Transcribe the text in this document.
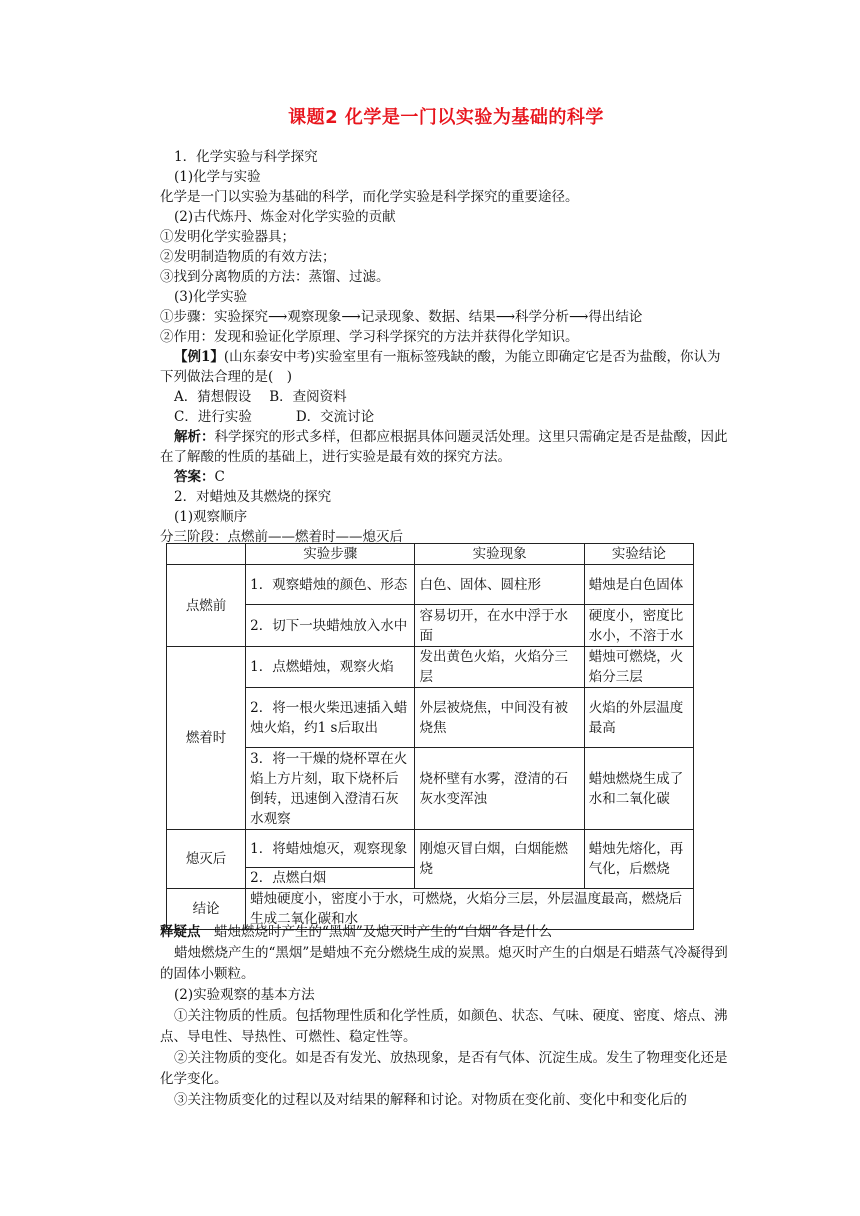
课题2 化学是一门以实验为基础的科学

1．化学实验与科学探究

(1)化学与实验

化学是一门以实验为基础的科学，而化学实验是科学探究的重要途径。

(2)古代炼丹、炼金对化学实验的贡献

①发明化学实验器具；

②发明制造物质的有效方法；

③找到分离物质的方法：蒸馏、过滤。

(3)化学实验

①步骤：实验探究⟶观察现象⟶记录现象、数据、结果⟶科学分析⟶得出结论

②作用：发现和验证化学原理、学习科学探究的方法并获得化学知识。

【例1】(山东泰安中考)实验室里有一瓶标签残缺的酸，为能立即确定它是否为盐酸，你认为下列做法合理的是(　)

A．猜想假设 B．查阅资料

C．进行实验	D．交流讨论

解析：科学探究的形式多样，但都应根据具体问题灵活处理。这里只需确定是否是盐酸，因此在了解酸的性质的基础上，进行实验是最有效的探究方法。

答案：C

2．对蜡烛及其燃烧的探究

(1)观察顺序

分三阶段：点燃前——燃着时——熄灭后

	实验步骤	实验现象	实验结论
点燃前	1．观察蜡烛的颜色、形态	白色、固体、圆柱形	蜡烛是白色固体
	2．切下一块蜡烛放入水中	容易切开，在水中浮于水面	硬度小，密度比水小，不溶于水
燃着时	1．点燃蜡烛，观察火焰	发出黄色火焰，火焰分三层	蜡烛可燃烧，火焰分三层
	2．将一根火柴迅速插入蜡烛火焰，约1 s后取出	外层被烧焦，中间没有被烧焦	火焰的外层温度最高
	3．将一干燥的烧杯罩在火焰上方片刻，取下烧杯后倒转，迅速倒入澄清石灰水观察	烧杯壁有水雾，澄清的石灰水变浑浊	蜡烛燃烧生成了水和二氧化碳
熄灭后	1．将蜡烛熄灭，观察现象	刚熄灭冒白烟，白烟能燃烧	蜡烛先熔化，再气化，后燃烧
	2．点燃白烟		
结论	蜡烛硬度小，密度小于水，可燃烧，火焰分三层，外层温度最高，燃烧后生成二氧化碳和水		

释疑点　蜡烛燃烧时产生的“黑烟”及熄灭时产生的“白烟”各是什么

蜡烛燃烧产生的“黑烟”是蜡烛不充分燃烧生成的炭黑。熄灭时产生的白烟是石蜡蒸气冷凝得到的固体小颗粒。

(2)实验观察的基本方法

①关注物质的性质。包括物理性质和化学性质，如颜色、状态、气味、硬度、密度、熔点、沸点、导电性、导热性、可燃性、稳定性等。

②关注物质的变化。如是否有发光、放热现象，是否有气体、沉淀生成。发生了物理变化还是化学变化。

③关注物质变化的过程以及对结果的解释和讨论。对物质在变化前、变化中和变化后的
